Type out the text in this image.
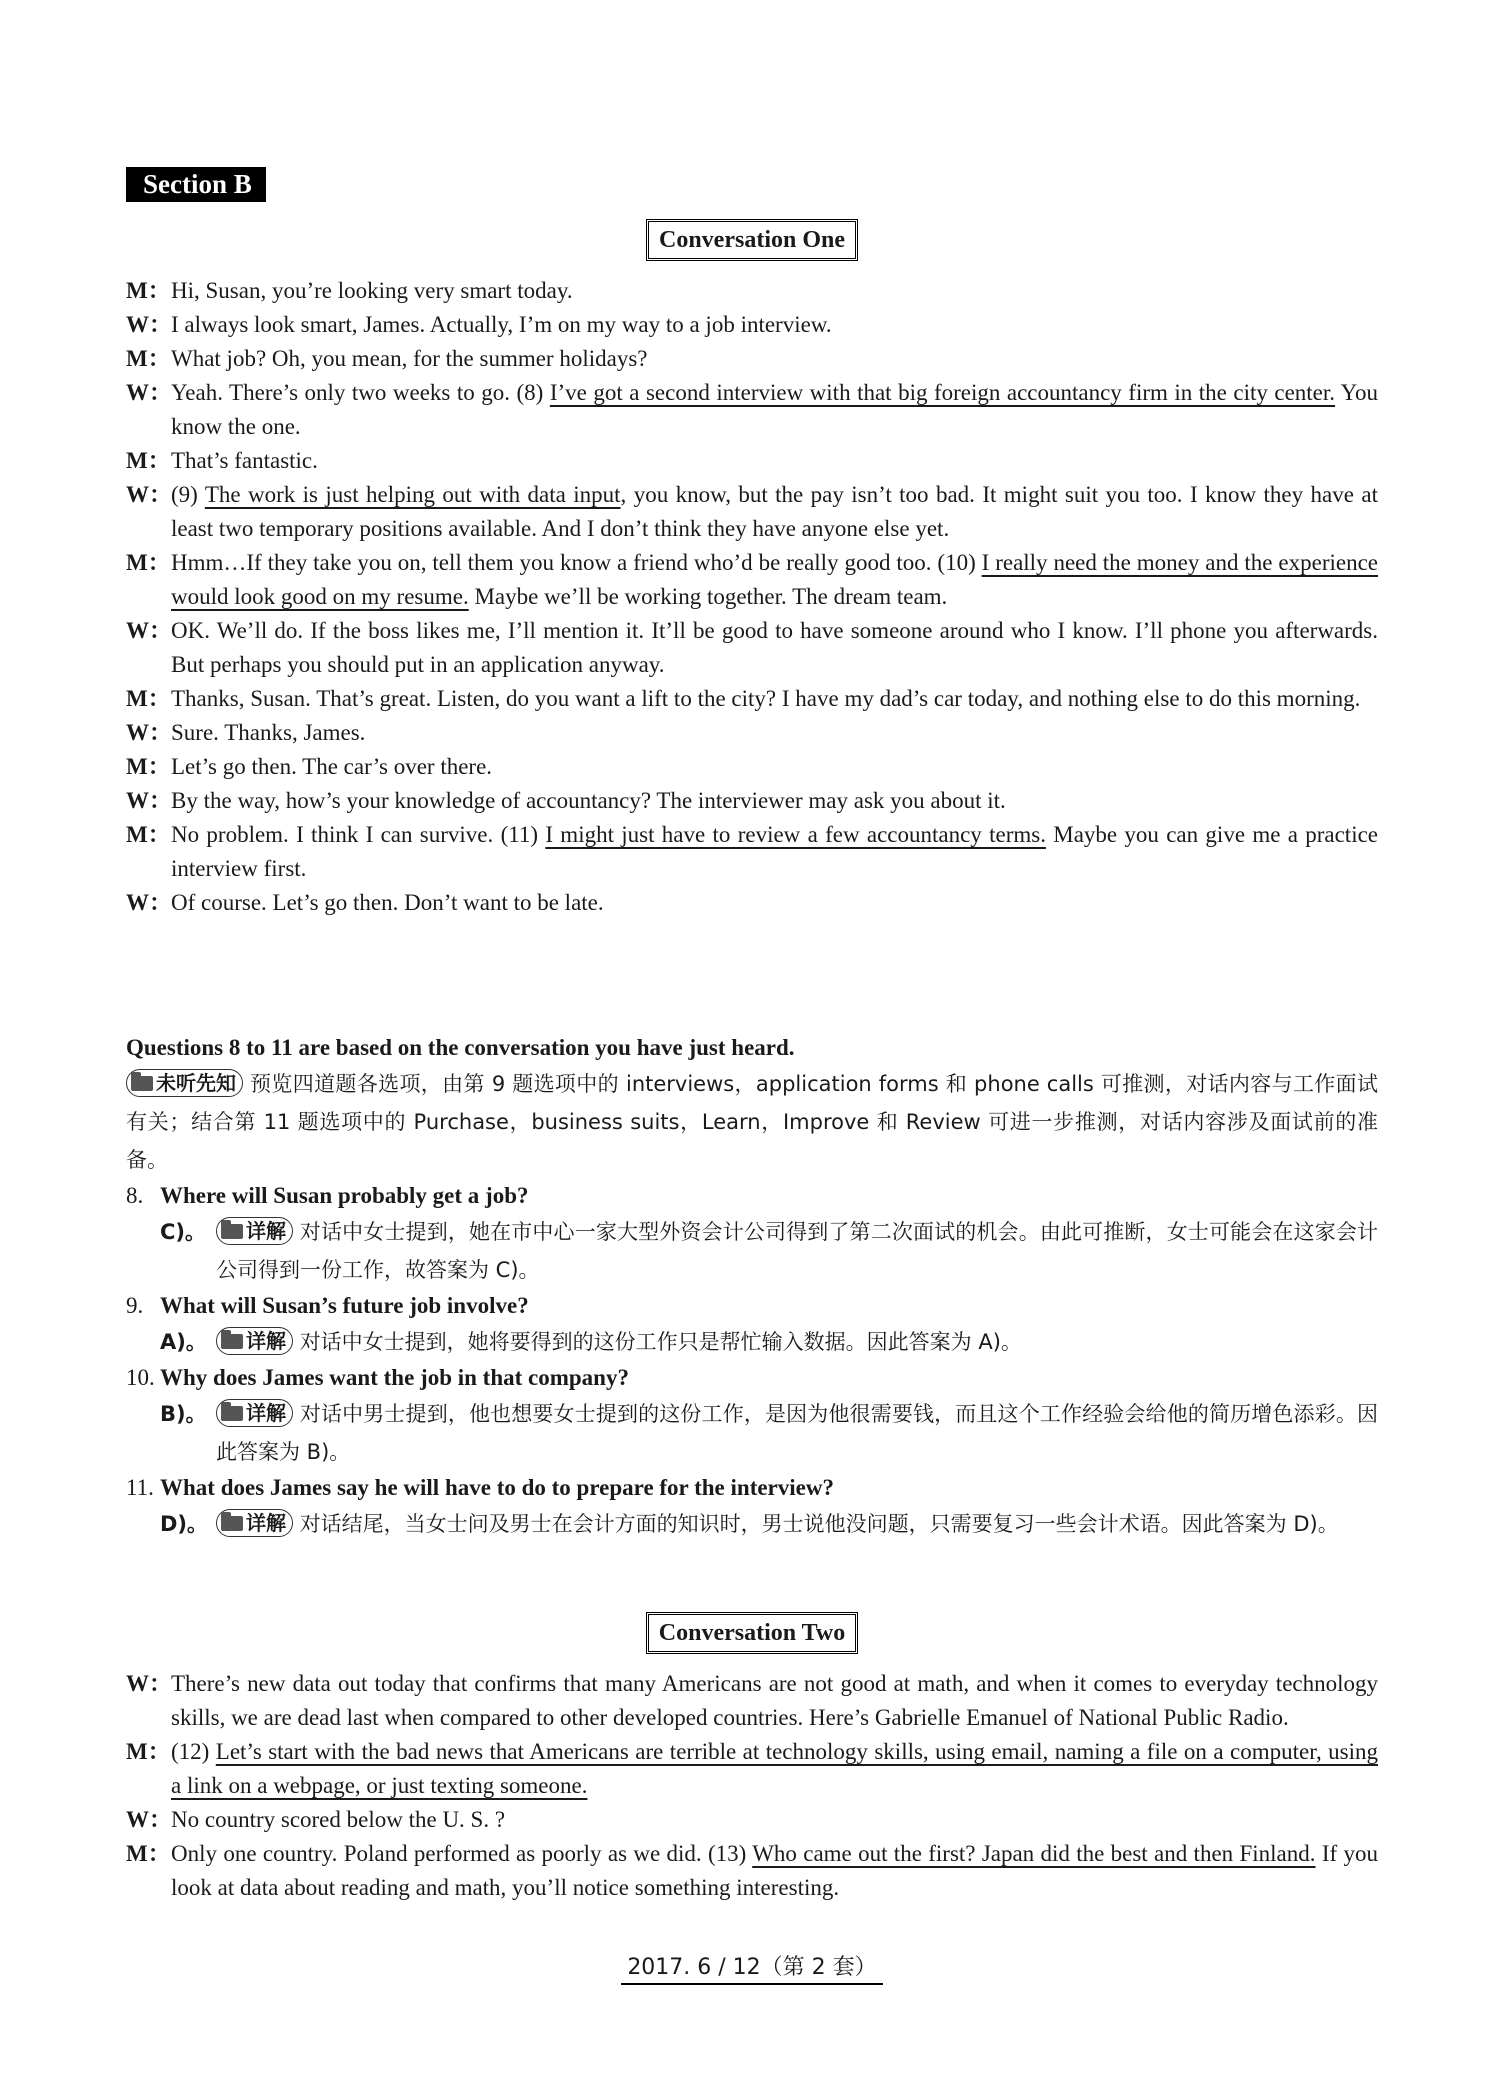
Section B
Conversation One
M： Hi, Susan, you’re looking very smart today.
W： I always look smart, James. Actually, I’m on my way to a job interview.
M： What job? Oh, you mean, for the summer holidays?
W： Yeah. There’s only two weeks to go. (8) I’ve got a second interview with that big foreign accountancy firm in the city center. You know the one.
M： That’s fantastic.
W： (9) The work is just helping out with data input, you know, but the pay isn’t too bad. It might suit you too. I know they have at least two temporary positions available. And I don’t think they have anyone else yet.
M： Hmm…If they take you on, tell them you know a friend who’d be really good too. (10) I really need the money and the experience would look good on my resume. Maybe we’ll be working together. The dream team.
W： OK. We’ll do. If the boss likes me, I’ll mention it. It’ll be good to have someone around who I know. I’ll phone you afterwards. But perhaps you should put in an application anyway.
M： Thanks, Susan. That’s great. Listen, do you want a lift to the city? I have my dad’s car today, and nothing else to do this morning.
W： Sure. Thanks, James.
M： Let’s go then. The car’s over there.
W： By the way, how’s your knowledge of accountancy? The interviewer may ask you about it.
M： No problem. I think I can survive. (11) I might just have to review a few accountancy terms. Maybe you can give me a practice interview first.
W： Of course. Let’s go then. Don’t want to be late.
Questions 8 to 11 are based on the conversation you have just heard.
未听先知 预览四道题各选项，由第 9 题选项中的 interviews，application forms 和 phone calls 可推测，对话内容与工作面试有关；结合第 11 题选项中的 Purchase，business suits，Learn，Improve 和 Review 可进一步推测，对话内容涉及面试前的准备。
8. Where will Susan probably get a job?
C)。 详解 对话中女士提到，她在市中心一家大型外资会计公司得到了第二次面试的机会。由此可推断，女士可能会在这家会计公司得到一份工作，故答案为 C)。
9. What will Susan’s future job involve?
A)。 详解 对话中女士提到，她将要得到的这份工作只是帮忙输入数据。因此答案为 A)。
10. Why does James want the job in that company?
B)。 详解 对话中男士提到，他也想要女士提到的这份工作，是因为他很需要钱，而且这个工作经验会给他的简历增色添彩。因此答案为 B)。
11. What does James say he will have to do to prepare for the interview?
D)。 详解 对话结尾，当女士问及男士在会计方面的知识时，男士说他没问题，只需要复习一些会计术语。因此答案为 D)。
Conversation Two
W： There’s new data out today that confirms that many Americans are not good at math, and when it comes to everyday technology skills, we are dead last when compared to other developed countries. Here’s Gabrielle Emanuel of National Public Radio.
M： (12) Let’s start with the bad news that Americans are terrible at technology skills, using email, naming a file on a computer, using a link on a webpage, or just texting someone.
W： No country scored below the U. S. ?
M： Only one country. Poland performed as poorly as we did. (13) Who came out the first? Japan did the best and then Finland. If you look at data about reading and math, you’ll notice something interesting.
2017. 6 / 12（第 2 套）
